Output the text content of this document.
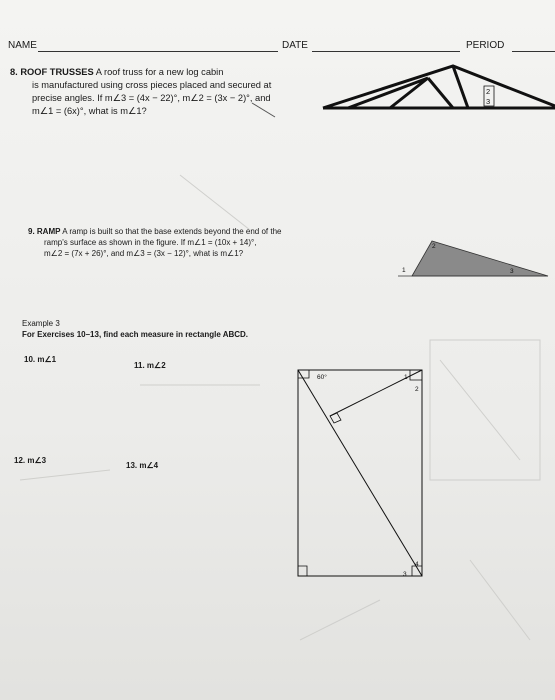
NAME	DATE	PERIOD
8. ROOF TRUSSES A roof truss for a new log cabin
is manufactured using cross pieces placed and secured at
precise angles. If m∠3 = (4x − 22)°, m∠2 = (3x − 2)°, and
m∠1 = (6x)°, what is m∠1?
2
3
9. RAMP A ramp is built so that the base extends beyond the end of the
ramp's surface as shown in the figure. If m∠1 = (10x + 14)°,
m∠2 = (7x + 26)°, and m∠3 = (3x − 12)°, what is m∠1?
1
2
3
Example 3
For Exercises 10–13, find each measure in rectangle ABCD.
10. m∠1
11. m∠2
12. m∠3
13. m∠4
60°	1
2
3
4
